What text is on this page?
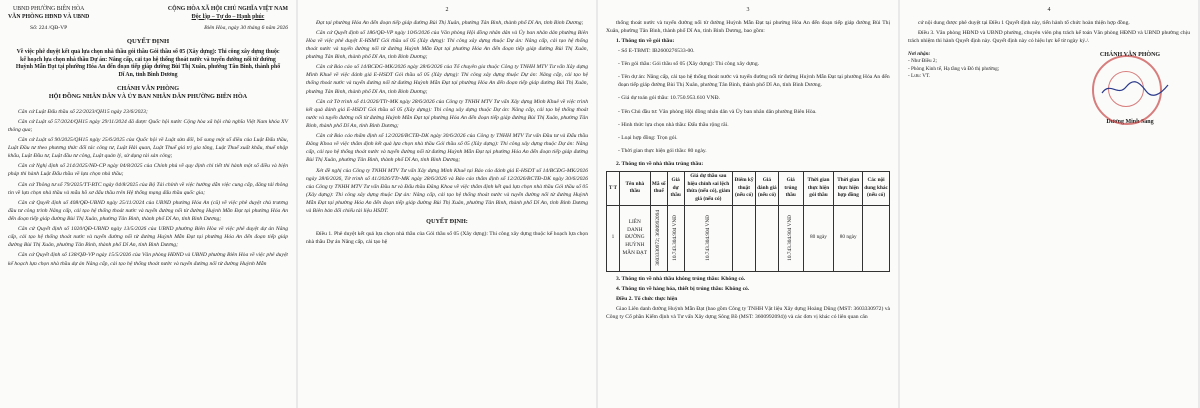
UBND PHƯỜNG BIÊN HÒA
VĂN PHÒNG HĐND VÀ UBND
CỘNG HÒA XÃ HỘI CHỦ NGHĨA VIỆT NAM
Độc lập – Tự do – Hạnh phúc
Số: 224 /QĐ-VP	Biên Hòa, ngày 30 tháng 6 năm 2026
QUYẾT ĐỊNH
Về việc phê duyệt kết quả lựa chọn nhà thầu gói thầu Gói thầu số 05 (Xây dựng): Thi công xây dựng thuộc kế hoạch lựa chọn nhà thầu Dự án: Nâng cấp, cải tạo hệ thống thoát nước và tuyến đường nối từ đường Huỳnh Mẫn Đạt tại phường Hóa An đến đoạn tiếp giáp đường Bùi Thị Xuân, phường Tân Bình, thành phố Dĩ An, tỉnh Bình Dương
CHÁNH VĂN PHÒNG
HỘI ĐỒNG NHÂN DÂN VÀ ỦY BAN NHÂN DÂN PHƯỜNG BIÊN HÒA

Căn cứ Luật Đấu thầu số 22/2023/QH15 ngày 23/6/2023;

Căn cứ Luật số 57/2024/QH15 ngày 29/11/2024 đã được Quốc hội nước Cộng hòa xã hội chủ nghĩa Việt Nam khóa XV thông qua;

Căn cứ Luật số 90/2025/QH15 ngày 25/6/2025 của Quốc hội về Luật sửa đổi, bổ sung một số điều của Luật Đấu thầu, Luật Đầu tư theo phương thức đối tác công tư, Luật Hải quan, Luật Thuế giá trị gia tăng, Luật Thuế xuất khẩu, thuế nhập khẩu, Luật Đầu tư, Luật đầu tư công, Luật quản lý, sử dụng tài sản công;

Căn cứ Nghị định số 214/2025/NĐ-CP ngày 04/8/2025 của Chính phủ về quy định chi tiết thi hành một số điều và biện pháp thi hành Luật Đấu thầu về lựa chọn nhà thầu;

Căn cứ Thông tư số 79/2025/TT-BTC ngày 04/8/2025 của Bộ Tài chính về việc hướng dẫn việc cung cấp, đăng tải thông tin về lựa chọn nhà thầu và mẫu hồ sơ đấu thầu trên Hệ thống mạng đấu thầu quốc gia;

Căn cứ Quyết định số 408/QĐ-UBND ngày 25/11/2024 của UBND phường Hóa An (cũ) về việc phê duyệt chủ trương đầu tư công trình Nâng cấp, cải tạo hệ thống thoát nước và tuyến đường nối từ đường Huỳnh Mẫn Đạt tại phường Hóa An đến đoạn tiếp giáp đường Bùi Thị Xuân, phường Tân Bình, thành phố Dĩ An, tỉnh Bình Dương;

Căn cứ Quyết định số 1020/QĐ-UBND ngày 13/5/2026 của UBND phường Biên Hòa về việc phê duyệt dự án Nâng cấp, cải tạo hệ thống thoát nước và tuyến đường nối từ đường Huỳnh Mẫn Đạt tại phường Hóa An đến đoạn tiếp giáp đường Bùi Thị Xuân, phường Tân Bình, thành phố Dĩ An, tỉnh Bình Dương;

Căn cứ Quyết định số 138/QĐ-VP ngày 15/5/2026 của Văn phòng HĐND và UBND phường Biên Hòa về việc phê duyệt kế hoạch lựa chọn nhà thầu dự án Nâng cấp, cải tạo hệ thống thoát nước và tuyến đường nối từ đường Huỳnh Mẫn

2

Đạt tại phường Hóa An đến đoạn tiếp giáp đường Bùi Thị Xuân, phường Tân Bình, thành phố Dĩ An, tỉnh Bình Dương;

Căn cứ Quyết định số 186/QĐ-VP ngày 10/6/2026 của Văn phòng Hội đồng nhân dân và Ủy ban nhân dân phường Biên Hòa về việc phê duyệt E-HSMT Gói thầu số 05 (Xây dựng): Thi công xây dựng thuộc Dự án: Nâng cấp, cải tạo hệ thống thoát nước và tuyến đường nối từ đường Huỳnh Mẫn Đạt tại phường Hóa An đến đoạn tiếp giáp đường Bùi Thị Xuân, phường Tân Bình, thành phố Dĩ An, tỉnh Bình Dương;

Căn cứ Báo cáo số 14/BCĐG-MK/2026 ngày 28/6/2026 của Tổ chuyên gia thuộc Công ty TNHH MTV Tư vấn Xây dựng Minh Khuê về việc đánh giá E-HSDT Gói thầu số 05 (Xây dựng): Thi công xây dựng thuộc Dự án: Nâng cấp, cải tạo hệ thống thoát nước và tuyến đường nối từ đường Huỳnh Mẫn Đạt tại phường Hóa An đến đoạn tiếp giáp đường Bùi Thị Xuân, phường Tân Bình, thành phố Dĩ An, tỉnh Bình Dương;

Căn cứ Tờ trình số 41/2026/TTr-MK ngày 28/6/2026 của Công ty TNHH MTV Tư vấn Xây dựng Minh Khuê về việc trình kết quả đánh giá E-HSDT Gói thầu số 05 (Xây dựng): Thi công xây dựng thuộc Dự án: Nâng cấp, cải tạo hệ thống thoát nước và tuyến đường nối từ đường Huỳnh Mẫn Đạt tại phường Hóa An đến đoạn tiếp giáp đường Bùi Thị Xuân, phường Tân Bình, thành phố Dĩ An, tỉnh Bình Dương;

Căn cứ Báo cáo thẩm định số 12/2026/BCTĐ-DK ngày 30/6/2026 của Công ty TNHH MTV Tư vấn Đầu tư và Đấu thầu Đăng Khoa về việc thẩm định kết quả lựa chọn nhà thầu Gói thầu số 05 (Xây dựng): Thi công xây dựng thuộc Dự án: Nâng cấp, cải tạo hệ thống thoát nước và tuyến đường nối từ đường Huỳnh Mẫn Đạt tại phường Hóa An đến đoạn tiếp giáp đường Bùi Thị Xuân, phường Tân Bình, thành phố Dĩ An, tỉnh Bình Dương;

Xét đề nghị của Công ty TNHH MTV Tư vấn Xây dựng Minh Khuê tại Báo cáo đánh giá E-HSDT số 14/BCĐG-MK/2026 ngày 28/6/2026, Tờ trình số 41/2026/TTr-MK ngày 28/6/2026 và Báo cáo thẩm định số 12/2026/BCTĐ-DK ngày 30/6/2026 của Công ty TNHH MTV Tư vấn Đầu tư và Đấu thầu Đăng Khoa về việc thẩm định kết quả lựa chọn nhà thầu Gói thầu số 05 (Xây dựng): Thi công xây dựng thuộc Dự án: Nâng cấp, cải tạo hệ thống thoát nước và tuyến đường nối từ đường Huỳnh Mẫn Đạt tại phường Hóa An đến đoạn tiếp giáp đường Bùi Thị Xuân, phường Tân Bình, thành phố Dĩ An, tỉnh Bình Dương và Biên bản đối chiếu tài liệu HSDT.

QUYẾT ĐỊNH:

Điều 1. Phê duyệt kết quả lựa chọn nhà thầu của Gói thầu số 05 (Xây dựng): Thi công xây dựng thuộc kế hoạch lựa chọn nhà thầu Dự án Nâng cấp, cải tạo hệ

3

thống thoát nước và tuyến đường nối từ đường Huỳnh Mẫn Đạt tại phường Hóa An đến đoạn tiếp giáp đường Bùi Thị Xuân, phường Tân Bình, thành phố Dĩ An, tỉnh Bình Dương, bao gồm:

1. Thông tin về gói thầu:

- Số E-TBMT: IB2600276533-00.
- Tên gói thầu: Gói thầu số 05 (Xây dựng): Thi công xây dựng.
- Tên dự án: Nâng cấp, cải tạo hệ thống thoát nước và tuyến đường nối từ đường Huỳnh Mẫn Đạt tại phường Hóa An đến đoạn tiếp giáp đường Bùi Thị Xuân, phường Tân Bình, thành phố Dĩ An, tỉnh Bình Dương.
- Giá dự toán gói thầu: 10.750.953.610 VNĐ.
- Tên Chủ đầu tư: Văn phòng Hội đồng nhân dân và Ủy ban nhân dân phường Biên Hòa.
- Hình thức lựa chọn nhà thầu: Đấu thầu rộng rãi.
- Loại hợp đồng: Trọn gói.
- Thời gian thực hiện gói thầu: 80 ngày.

2. Thông tin về nhà thầu trúng thầu:

T T	Tên nhà thầu	Mã số thuế	Giá dự thầu	Giá dự thầu sau hiệu chỉnh sai lệch thừa (nếu có), giảm giá (nếu có)	Điểm kỹ thuật (nếu có)	Giá đánh giá (nếu có)	Giá trúng thầu	Thời gian thực hiện gói thầu	Thời gian thực hiện hợp đồng	Các nội dung khác (nếu có)
1	LIÊN DANH ĐƯỜNG HUỲNH MẪN ĐẠT	3603330972; 3600992094	10.743.304.904 VNĐ	10.743.304.904 VNĐ			10.743.304.904 VNĐ	80 ngày	80 ngày	

3. Thông tin về nhà thầu không trúng thầu: Không có.

4. Thông tin về hàng hóa, thiết bị trúng thầu: Không có.

Điều 2. Tổ chức thực hiện

Giao Liên danh đường Huỳnh Mẫn Đạt (bao gồm Công ty TNHH Vật liệu Xây dựng Hoàng Dũng (MST: 3603330972) và Công ty Cổ phần Kiểm định và Tư vấn Xây dựng Sông Bồ (MST: 3600992094)) và các đơn vị khác có liên quan căn

4

cứ nội dung được phê duyệt tại Điều 1 Quyết định này, tiến hành tổ chức hoàn thiện hợp đồng.

Điều 3. Văn phòng HĐND và UBND phường, chuyên viên phụ trách kế toán Văn phòng HĐND và UBND phường chịu trách nhiệm thi hành Quyết định này. Quyết định này có hiệu lực kể từ ngày ký./.

Nơi nhận:
- Như Điều 2;
- Phòng Kinh tế, Hạ tầng và Đô thị phường;
- Lưu: VT.
CHÁNH VĂN PHÒNG
Dương Minh Sang
